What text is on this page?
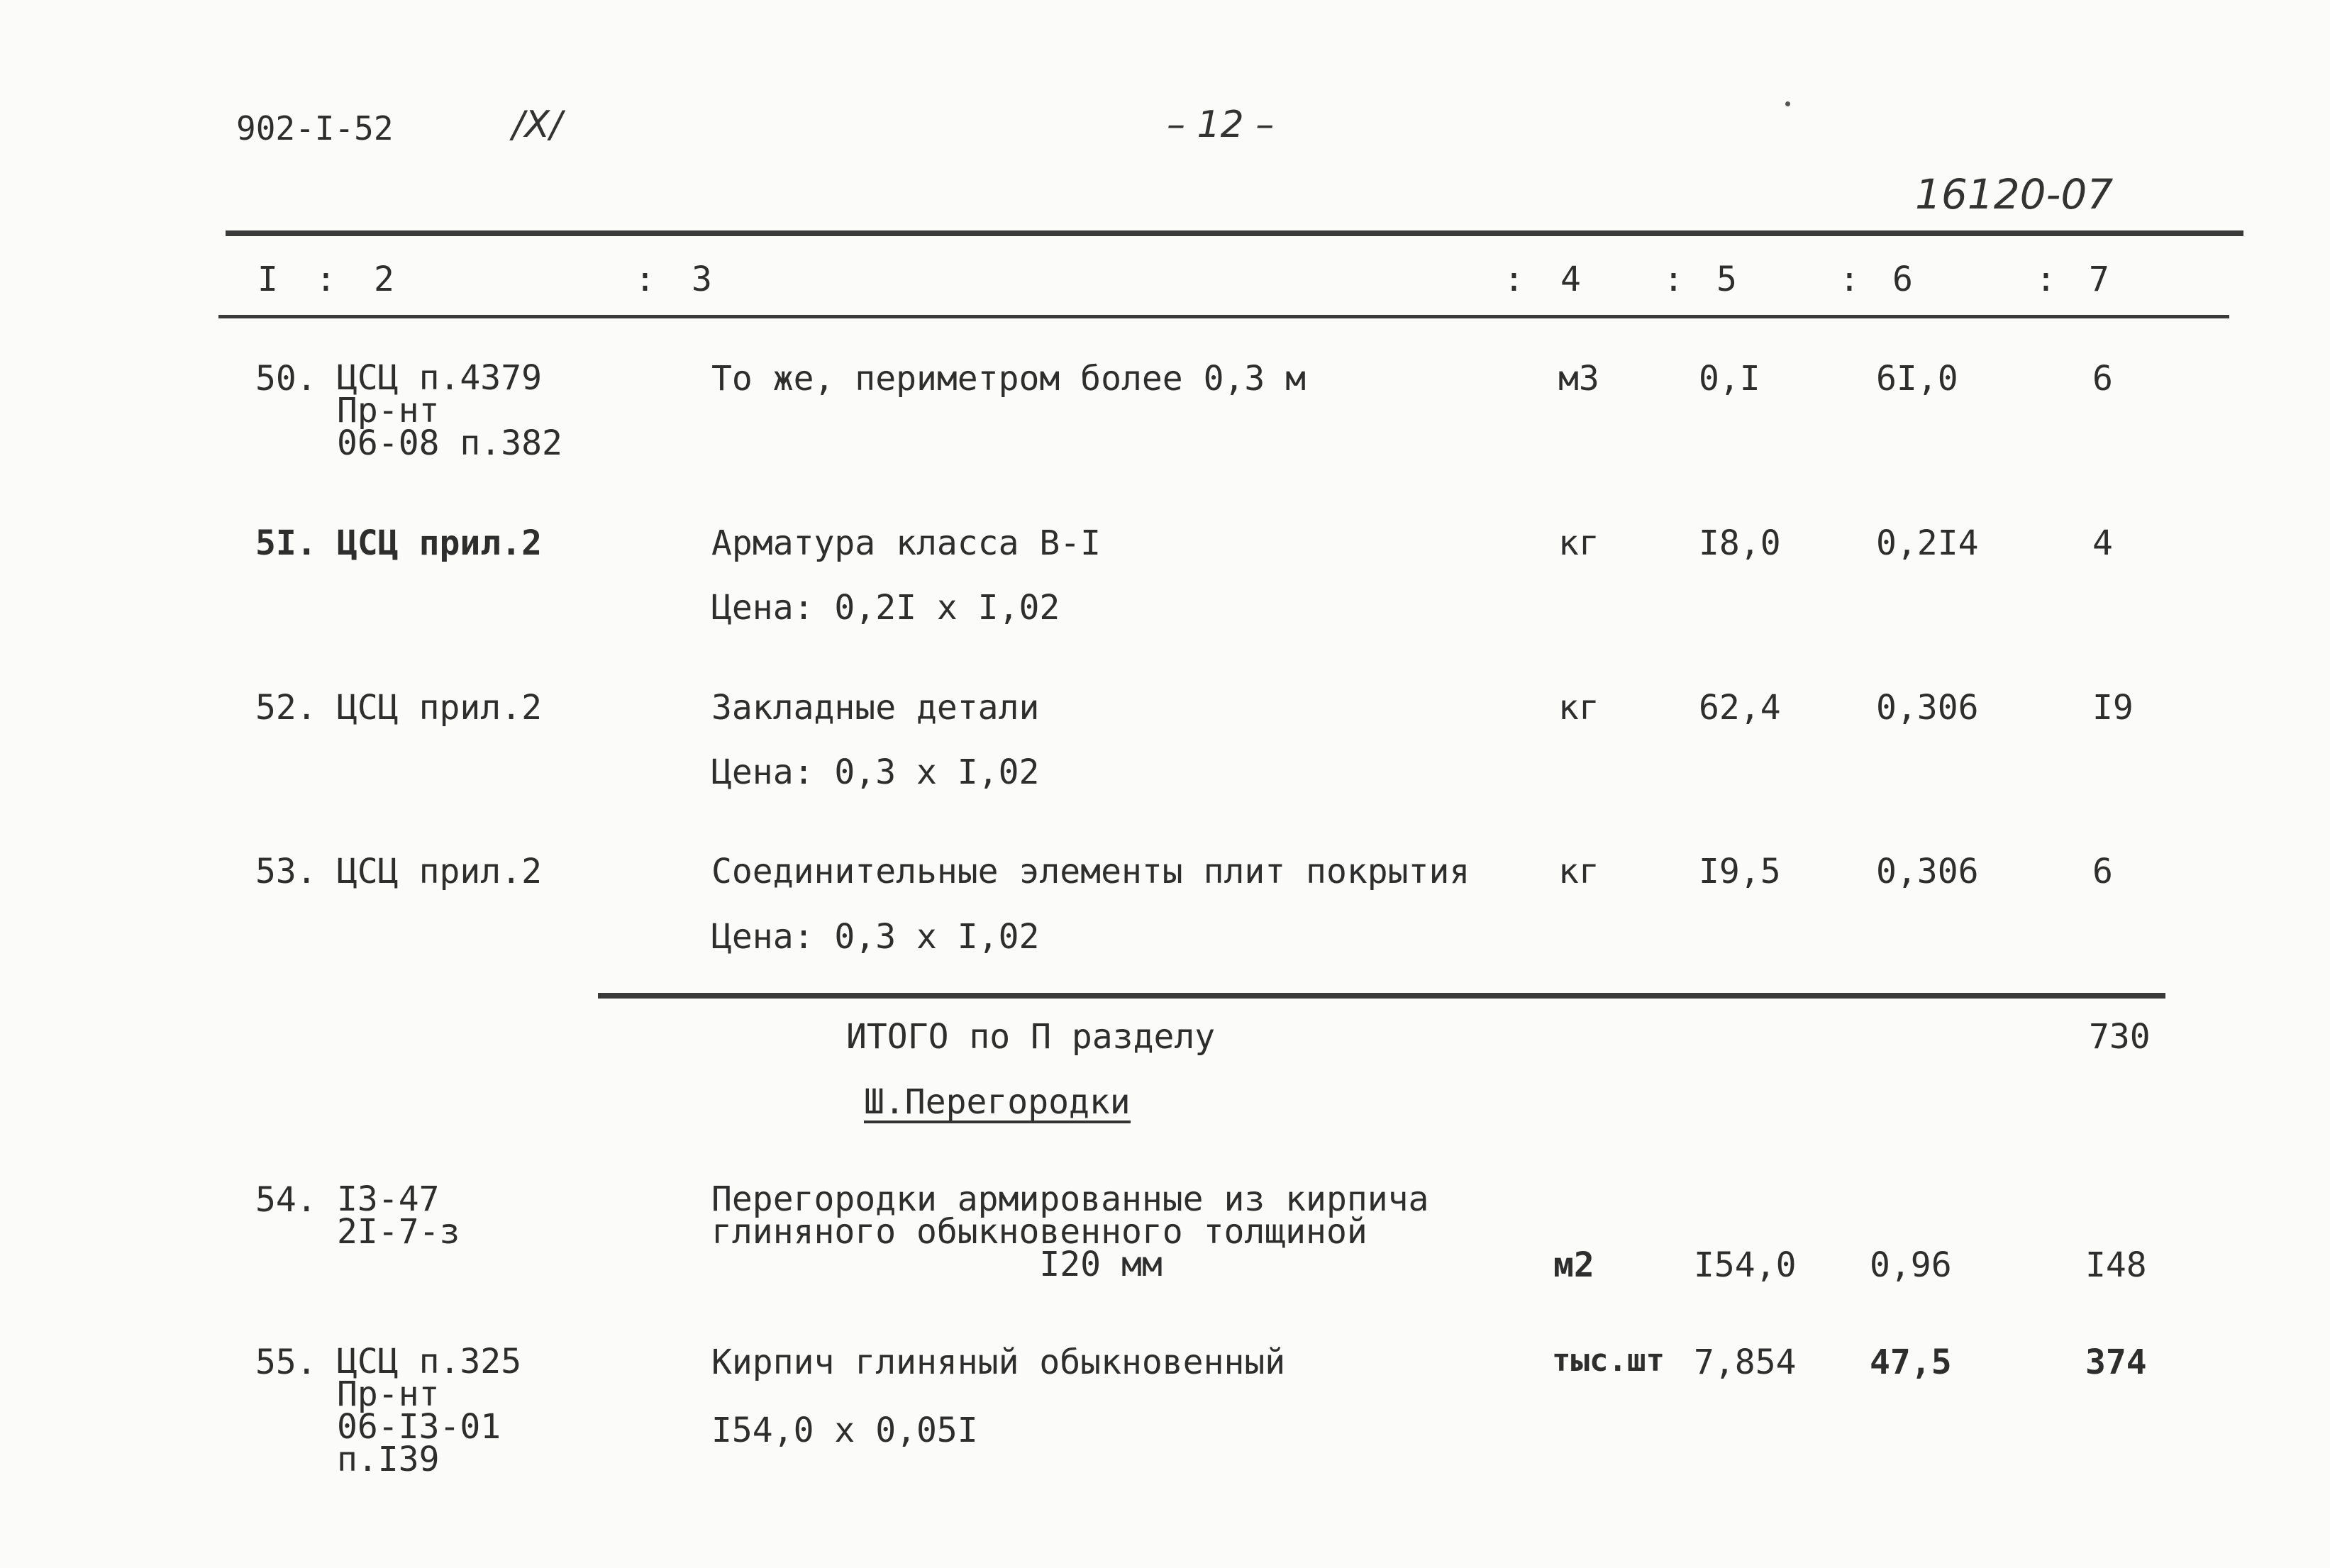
902-I-52	/X/	– 12 –
16120-07
I : 2	: 3	: 4 : 5	: 6	: 7
50. ЦСЦ п.4379
Пр-нт
06-08 п.382
То же, периметром более 0,3 м	м3	0,I	6I,0	6
5I. ЦСЦ прил.2	Арматура класса В-I
Цена: 0,2I х I,02
кг	I8,0	0,2I4	4
52. ЦСЦ прил.2	Закладные детали
Цена: 0,3 х I,02
кг	62,4	0,306	I9
53. ЦСЦ прил.2	Соединительные элементы плит покрытия
Цена: 0,3 х I,02
кг	I9,5	0,306	6
ИТОГО по П разделу	730
Ш.Перегородки
54. I3-47
2I-7-з
Перегородки армированные из кирпича
глиняного обыкновенного толщиной
I20 мм	м2	I54,0 0,96	I48
55. ЦСЦ п.325
Пр-нт
06-I3-01
п.I39
Кирпич глиняный обыкновенный
I54,0 х 0,05I
тыс.шт 7,854 47,5	374
